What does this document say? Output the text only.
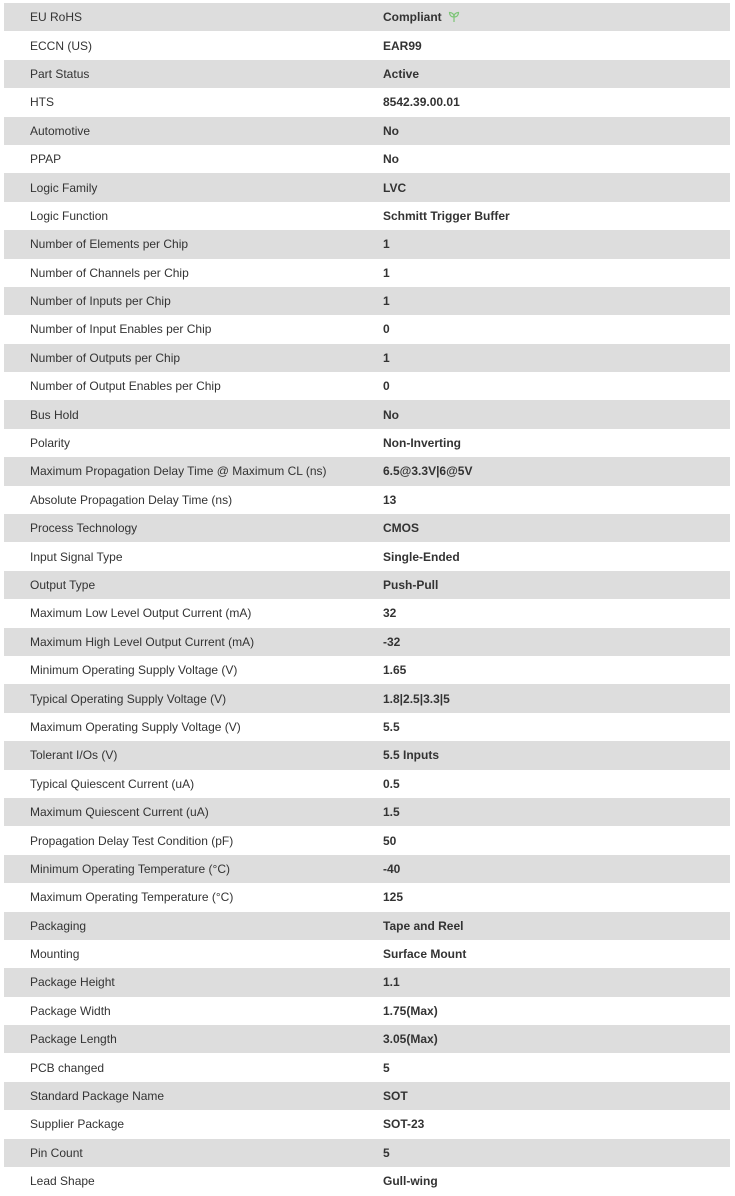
EU RoHS	Compliant
ECCN (US)	EAR99
Part Status	Active
HTS	8542.39.00.01
Automotive	No
PPAP	No
Logic Family	LVC
Logic Function	Schmitt Trigger Buffer
Number of Elements per Chip	1
Number of Channels per Chip	1
Number of Inputs per Chip	1
Number of Input Enables per Chip	0
Number of Outputs per Chip	1
Number of Output Enables per Chip	0
Bus Hold	No
Polarity	Non-Inverting
Maximum Propagation Delay Time @ Maximum CL (ns)	6.5@3.3V|6@5V
Absolute Propagation Delay Time (ns)	13
Process Technology	CMOS
Input Signal Type	Single-Ended
Output Type	Push-Pull
Maximum Low Level Output Current (mA)	32
Maximum High Level Output Current (mA)	-32
Minimum Operating Supply Voltage (V)	1.65
Typical Operating Supply Voltage (V)	1.8|2.5|3.3|5
Maximum Operating Supply Voltage (V)	5.5
Tolerant I/Os (V)	5.5 Inputs
Typical Quiescent Current (uA)	0.5
Maximum Quiescent Current (uA)	1.5
Propagation Delay Test Condition (pF)	50
Minimum Operating Temperature (°C)	-40
Maximum Operating Temperature (°C)	125
Packaging	Tape and Reel
Mounting	Surface Mount
Package Height	1.1
Package Width	1.75(Max)
Package Length	3.05(Max)
PCB changed	5
Standard Package Name	SOT
Supplier Package	SOT-23
Pin Count	5
Lead Shape	Gull-wing
